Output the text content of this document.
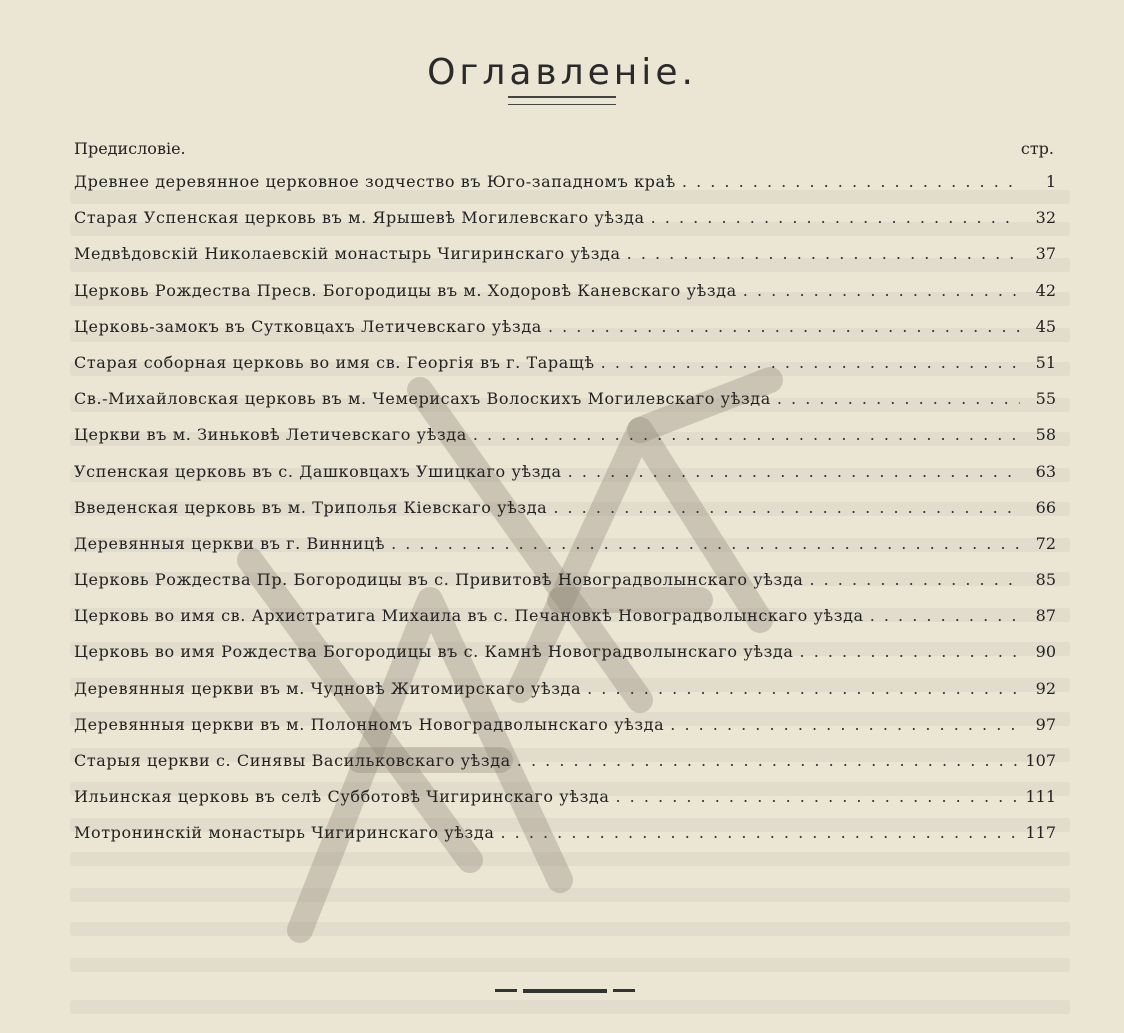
Оглавленіе.
Предисловіе.	стр.
Древнее деревянное церковное зодчество въ Юго-западномъ краѣ . . .	1
Старая Успенская церковь въ м. Ярышевѣ Могилевскаго уѣзда . . .	32
Медвѣдовскій Николаевскій монастырь Чигиринскаго уѣзда . . .	37
Церковь Рождества Пресв. Богородицы въ м. Ходоровѣ Каневскаго уѣзда . . .	42
Церковь-замокъ въ Сутковцахъ Летичевскаго уѣзда . . .	45
Старая соборная церковь во имя св. Георгія въ г. Таращѣ . . .	51
Св.-Михайловская церковь въ м. Чемерисахъ Волоскихъ Могилевскаго уѣзда . . .	55
Церкви въ м. Зиньковѣ Летичевскаго уѣзда . . .	58
Успенская церковь въ с. Дашковцахъ Ушицкаго уѣзда . . .	63
Введенская церковь въ м. Триполья Кіевскаго уѣзда . . .	66
Деревянныя церкви въ г. Винницѣ . . .	72
Церковь Рождества Пр. Богородицы въ с. Привитовѣ Новоградволынскаго уѣзда . . .	85
Церковь во имя св. Архистратига Михаила въ с. Печановкѣ Новоградволынскаго уѣзда . . .	87
Церковь во имя Рождества Богородицы въ с. Камнѣ Новоградволынскаго уѣзда . . .	90
Деревянныя церкви въ м. Чудновѣ Житомирскаго уѣзда . . .	92
Деревянныя церкви въ м. Полонномъ Новоградволынскаго уѣзда . . .	97
Старыя церкви с. Синявы Васильковскаго уѣзда . . .	107
Ильинская церковь въ селѣ Субботовѣ Чигиринскаго уѣзда . . .	111
Мотронинскій монастырь Чигиринскаго уѣзда . . .	117
